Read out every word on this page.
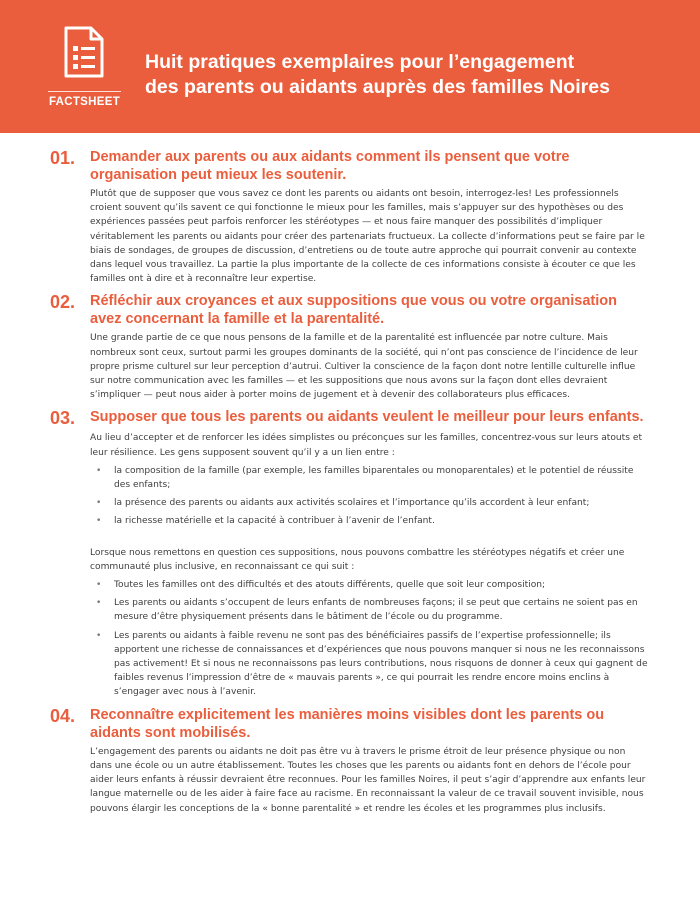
FACTSHEET
Huit pratiques exemplaires pour l’engagement
des parents ou aidants auprès des familles Noires
01.	Demander aux parents ou aux aidants comment ils pensent que votre organisation peut mieux les soutenir.

Plutôt que de supposer que vous savez ce dont les parents ou aidants ont besoin, interrogez-les! Les professionnels croient souvent qu’ils savent ce qui fonctionne le mieux pour les familles, mais s’appuyer sur des hypothèses ou des expériences passées peut parfois renforcer les stéréotypes — et nous faire manquer des possibilités d’impliquer véritablement les parents ou aidants pour créer des partenariats fructueux. La collecte d’informations peut se faire par le biais de sondages, de groupes de discussion, d’entretiens ou de toute autre approche qui pourrait convenir au contexte dans lequel vous travaillez. La partie la plus importante de la collecte de ces informations consiste à écouter ce que les familles ont à dire et à reconnaître leur expertise.

02.	Réfléchir aux croyances et aux suppositions que vous ou votre organisation avez concernant la famille et la parentalité.

Une grande partie de ce que nous pensons de la famille et de la parentalité est influencée par notre culture. Mais nombreux sont ceux, surtout parmi les groupes dominants de la société, qui n’ont pas conscience de l’incidence de leur propre prisme culturel sur leur perception d’autrui. Cultiver la conscience de la façon dont notre lentille culturelle influe sur notre communication avec les familles — et les suppositions que nous avons sur la façon dont elles devraient s’impliquer — peut nous aider à porter moins de jugement et à devenir des collaborateurs plus efficaces.

03.	Supposer que tous les parents ou aidants veulent le meilleur pour leurs enfants.

Au lieu d’accepter et de renforcer les idées simplistes ou préconçues sur les familles, concentrez-vous sur leurs atouts et leur résilience. Les gens supposent souvent qu’il y a un lien entre :

• la composition de la famille (par exemple, les familles biparentales ou monoparentales) et le potentiel de réussite des enfants;
• la présence des parents ou aidants aux activités scolaires et l’importance qu’ils accordent à leur enfant;
• la richesse matérielle et la capacité à contribuer à l’avenir de l’enfant.

Lorsque nous remettons en question ces suppositions, nous pouvons combattre les stéréotypes négatifs et créer une communauté plus inclusive, en reconnaissant ce qui suit :

• Toutes les familles ont des difficultés et des atouts différents, quelle que soit leur composition;
• Les parents ou aidants s’occupent de leurs enfants de nombreuses façons; il se peut que certains ne soient pas en mesure d’être physiquement présents dans le bâtiment de l’école ou du programme.
• Les parents ou aidants à faible revenu ne sont pas des bénéficiaires passifs de l’expertise professionnelle; ils apportent une richesse de connaissances et d’expériences que nous pouvons manquer si nous ne les reconnaissons pas activement! Et si nous ne reconnaissons pas leurs contributions, nous risquons de donner à ceux qui gagnent de faibles revenus l’impression d’être de « mauvais parents », ce qui pourrait les rendre encore moins enclins à s’engager avec nous à l’avenir.
04.	Reconnaître explicitement les manières moins visibles dont les parents ou aidants sont mobilisés.

L’engagement des parents ou aidants ne doit pas être vu à travers le prisme étroit de leur présence physique ou non dans une école ou un autre établissement. Toutes les choses que les parents ou aidants font en dehors de l’école pour aider leurs enfants à réussir devraient être reconnues. Pour les familles Noires, il peut s’agir d’apprendre aux enfants leur langue maternelle ou de les aider à faire face au racisme. En reconnaissant la valeur de ce travail souvent invisible, nous pouvons élargir les conceptions de la « bonne parentalité » et rendre les écoles et les programmes plus inclusifs.
